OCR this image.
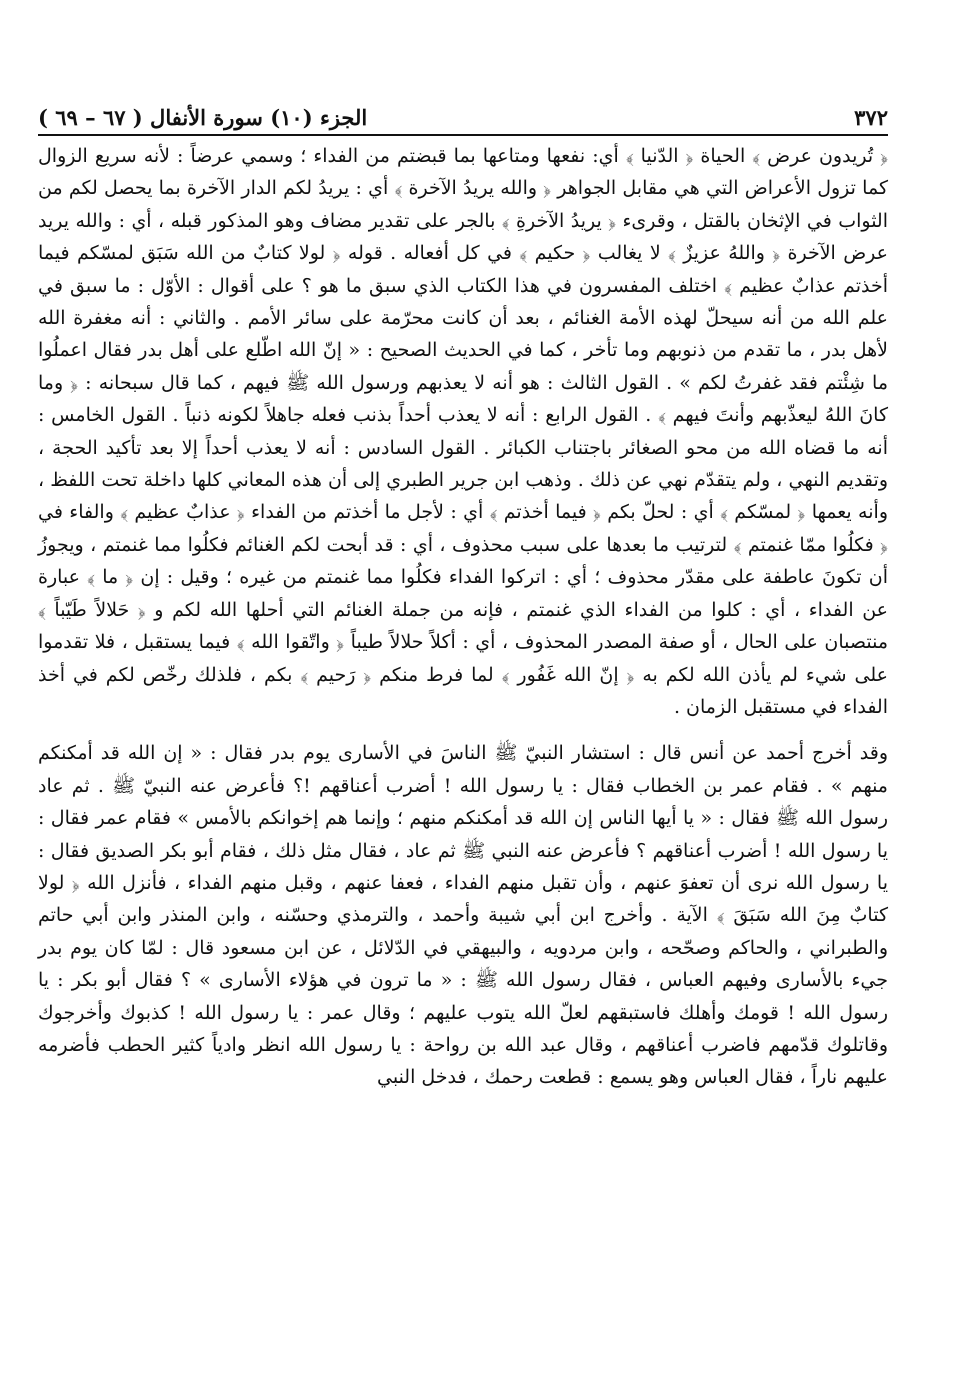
٣٧٢
الجزء (١٠) سورة الأنفال ( ٦٧ – ٦٩ )

﴿ تُريدون عرض ﴾ الحياة ﴿ الدّنيا ﴾ أي: نفعها ومتاعها بما قبضتم من الفداء ؛ وسمي عرضاً : لأنه سريع الزوال كما تزول الأعراض التي هي مقابل الجواهر ﴿ والله يريدُ الآخرة ﴾ أي : يريدُ لكم الدار الآخرة بما يحصل لكم من الثواب في الإثخان بالقتل ، وقرىء ﴿ يريدُ الآخرةِ ﴾ بالجر على تقدير مضاف وهو المذكور قبله ، أي : والله يريد عرض الآخرة ﴿ واللهُ عزيزٌ ﴾ لا يغالب ﴿ حكيم ﴾ في كل أفعاله . قوله ﴿ لولا كتابٌ من الله سَبَق لمسّكم فيما أخذتم عذابٌ عظيم ﴾ اختلف المفسرون في هذا الكتاب الذي سبق ما هو ؟ على أقوال : الأوّل : ما سبق في علم الله من أنه سيحلّ لهذه الأمة الغنائم ، بعد أن كانت محرّمة على سائر الأمم . والثاني : أنه مغفرة الله لأهل بدر ، ما تقدم من ذنوبهم وما تأخر ، كما في الحديث الصحيح : « إنّ الله اطّلع على أهل بدر فقال اعملُوا ما شِئْتم فقد غفرتُ لكم » . القول الثالث : هو أنه لا يعذبهم ورسول الله ﷺ فيهم ، كما قال سبحانه : ﴿ وما كانَ اللهُ ليعذّبهم وأنتَ فيهم ﴾ . القول الرابع : أنه لا يعذب أحداً بذنب فعله جاهلاً لكونه ذنباً . القول الخامس : أنه ما قضاه الله من محو الصغائر باجتناب الكبائر . القول السادس : أنه لا يعذب أحداً إلا بعد تأكيد الحجة ، وتقديم النهي ، ولم يتقدّم نهي عن ذلك . وذهب ابن جرير الطبري إلى أن هذه المعاني كلها داخلة تحت اللفظ ، وأنه يعمها ﴿ لمسّكم ﴾ أي : لحلّ بكم ﴿ فيما أخذتم ﴾ أي : لأجل ما أخذتم من الفداء ﴿ عذابٌ عظيم ﴾ والفاء في ﴿ فكلُوا ممّا غنمتم ﴾ لترتيب ما بعدها على سبب محذوف ، أي : قد أبحت لكم الغنائم فكلُوا مما غنمتم ، ويجوزُ أن تكونَ عاطفة على مقدّر محذوف ؛ أي : اتركوا الفداء فكلُوا مما غنمتم من غيره ؛ وقيل : إن ﴿ ما ﴾ عبارة عن الفداء ، أي : كلوا من الفداء الذي غنمتم ، فإنه من جملة الغنائم التي أحلها الله لكم و ﴿ حَلالاً طَيّباً ﴾ منتصبان على الحال ، أو صفة المصدر المحذوف ، أي : أكلاً حلالاً طيباً ﴿ واتّقوا الله ﴾ فيما يستقبل ، فلا تقدموا على شيء لم يأذن الله لكم به ﴿ إنّ الله غَفُور ﴾ لما فرط منكم ﴿ رَحيم ﴾ بكم ، فلذلك رخّص لكم في أخذ الفداء في مستقبل الزمان .

وقد أخرج أحمد عن أنس قال : استشار النبيّ ﷺ الناسَ في الأسارى يوم بدر فقال : « إن الله قد أمكنكم منهم » . فقام عمر بن الخطاب فقال : يا رسول الله ! أضرب أعناقهم !؟ فأعرض عنه النبيّ ﷺ . ثم عاد رسول الله ﷺ فقال : « يا أيها الناس إن الله قد أمكنكم منهم ؛ وإنما هم إخوانكم بالأمس » فقام عمر فقال : يا رسول الله ! أضرب أعناقهم ؟ فأعرض عنه النبي ﷺ ثم عاد ، فقال مثل ذلك ، فقام أبو بكر الصديق فقال : يا رسول الله نرى أن تعفوَ عنهم ، وأن تقبل منهم الفداء ، فعفا عنهم ، وقبل منهم الفداء ، فأنزل الله ﴿ لولا كتابٌ مِنَ الله سَبَقَ ﴾ الآية . وأخرج ابن أبي شيبة وأحمد ، والترمذي وحسّنه ، وابن المنذر وابن أبي حاتم والطبراني ، والحاكم وصحّحه ، وابن مردويه ، والبيهقي في الدّلائل ، عن ابن مسعود قال : لمّا كان يوم بدر جيء بالأسارى وفيهم العباس ، فقال رسول الله ﷺ : « ما ترون في هؤلاء الأسارى » ؟ فقال أبو بكر : يا رسول الله ! قومك وأهلك فاستبقهم لعلّ الله يتوب عليهم ؛ وقال عمر : يا رسول الله ! كذبوك وأخرجوك وقاتلوك قدّمهم فاضرب أعناقهم ، وقال عبد الله بن رواحة : يا رسول الله انظر وادياً كثير الحطب فأضرمه عليهم ناراً ، فقال العباس وهو يسمع : قطعت رحمك ، فدخل النبي
